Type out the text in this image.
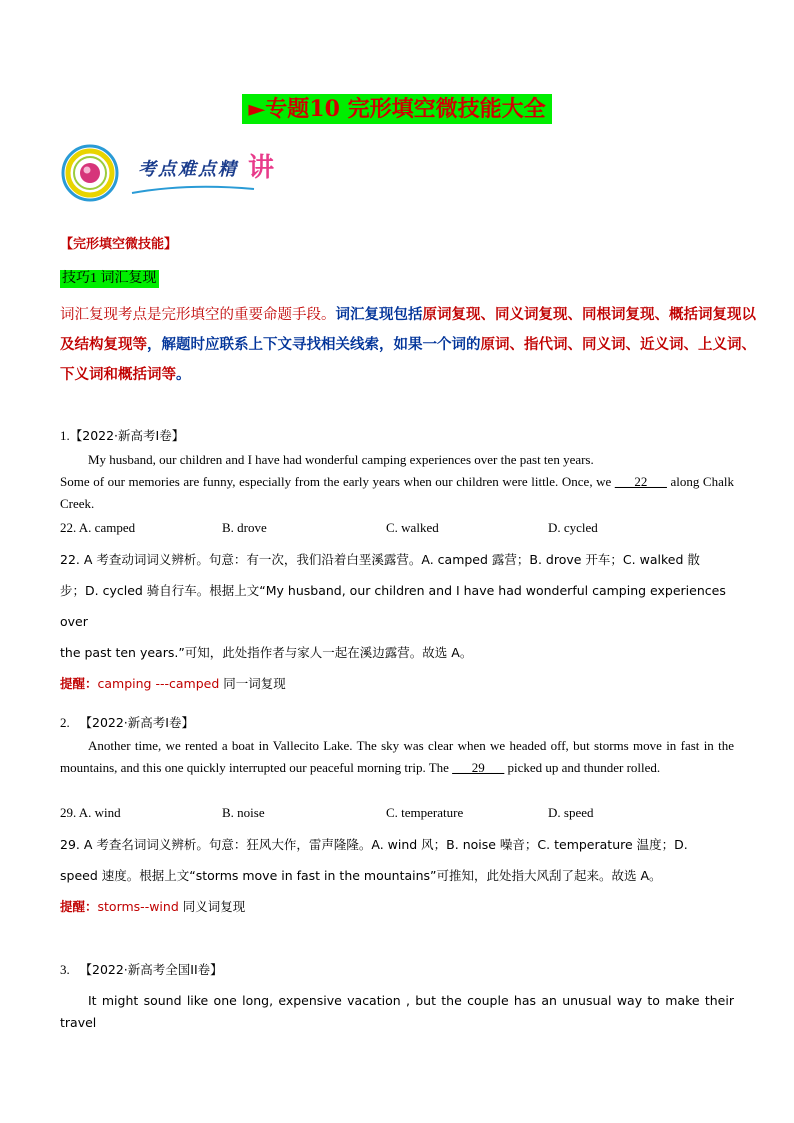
►专题10 完形填空微技能大全
考点难点精 讲
【完形填空微技能】
技巧1 词汇复现
词汇复现考点是完形填空的重要命题手段。词汇复现包括原词复现、同义词复现、同根词复现、概括词复现以及结构复现等，解题时应联系上下文寻找相关线索，如果一个词的原词、指代词、同义词、近义词、上义词、下义词和概括词等。
1.【2022·新高考I卷】
My husband, our children and I have had wonderful camping experiences over the past ten years.
Some of our memories are funny, especially from the early years when our children were little. Once, we ___22___ along Chalk Creek.
22. A. camped	B. drove	C. walked	D. cycled
22. A 考查动词词义辨析。句意：有一次，我们沿着白垩溪露营。A. camped 露营；B. drove 开车；C. walked 散
步；D. cycled 骑自行车。根据上文“My husband, our children and I have had wonderful camping experiences over
the past ten years.”可知，此处指作者与家人一起在溪边露营。故选 A。
提醒：camping ---camped 同一词复现
2. 【2022·新高考I卷】
Another time, we rented a boat in Vallecito Lake. The sky was clear when we headed off, but storms move in fast in the mountains, and this one quickly interrupted our peaceful morning trip. The ___29___ picked up and thunder rolled.
29. A. wind	B. noise	C. temperature	D. speed
29. A 考查名词词义辨析。句意：狂风大作，雷声隆隆。A. wind 风；B. noise 噪音；C. temperature 温度；D.
speed 速度。根据上文“storms move in fast in the mountains”可推知，此处指大风刮了起来。故选 A。
提醒：storms--wind 同义词复现
3. 【2022·新高考全国II卷】
It might sound like one long, expensive vacation , but the couple has an unusual way to make their travel
